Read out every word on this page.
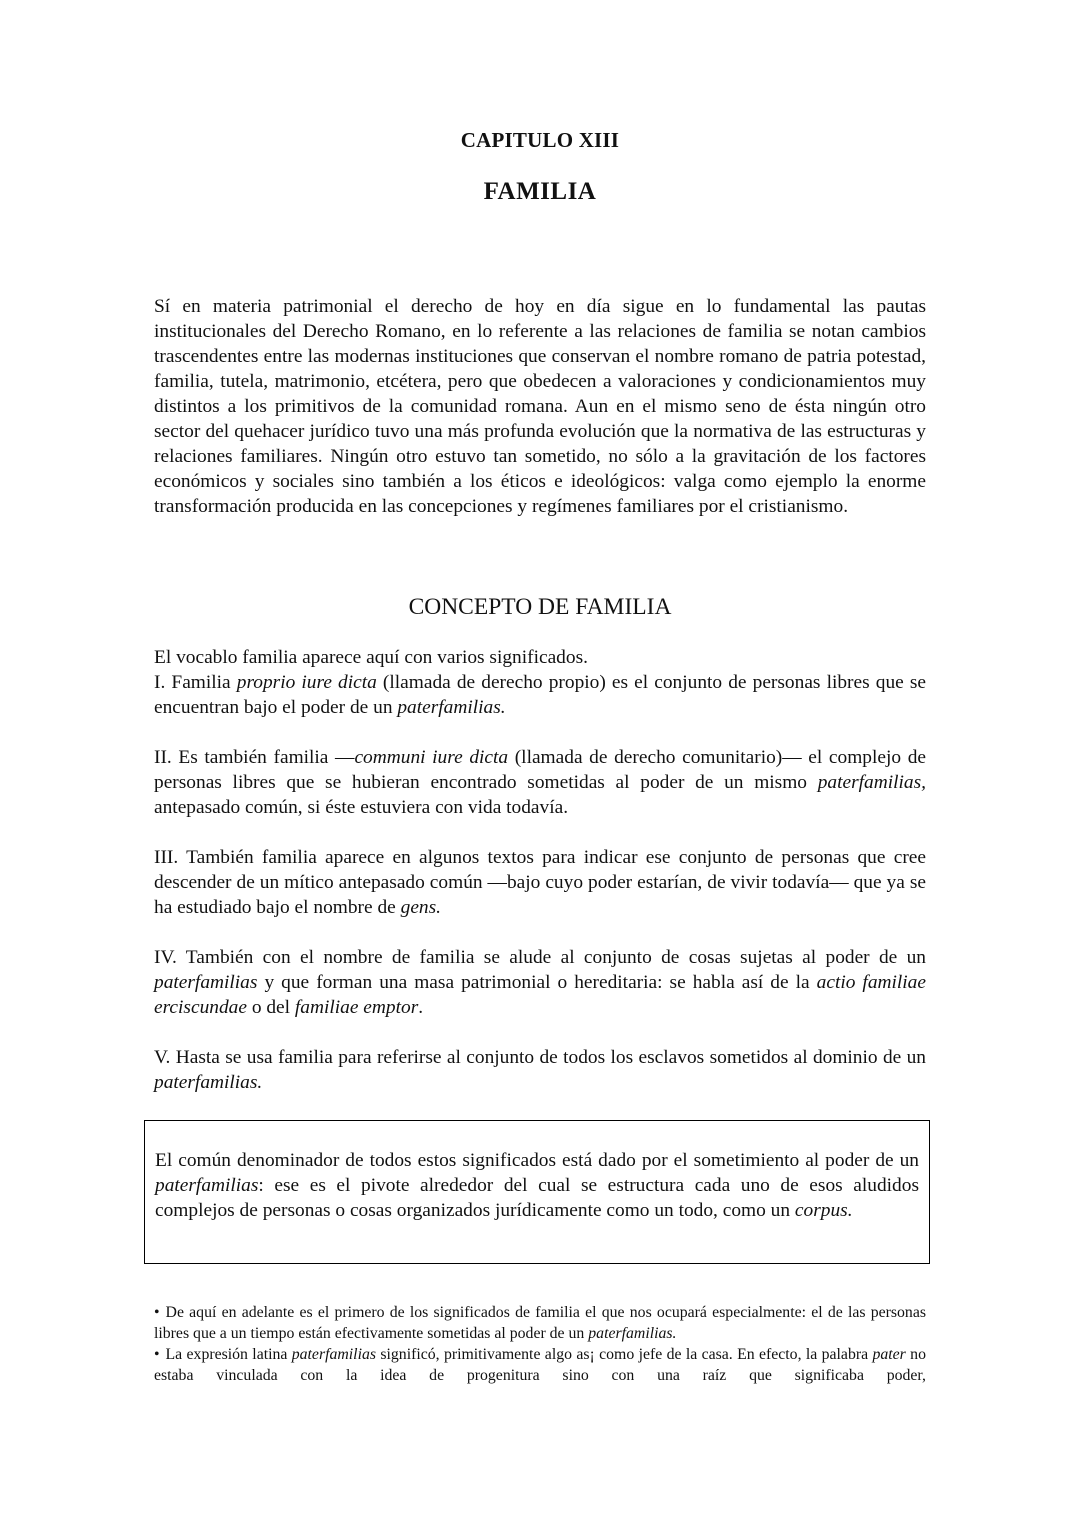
CAPITULO XIII
FAMILIA

Sí en materia patrimonial el derecho de hoy en día sigue en lo fundamental las pautas institucionales del Derecho Romano, en lo referente a las relaciones de familia se notan cambios trascendentes entre las modernas instituciones que conservan el nombre romano de patria potestad, familia, tutela, matrimonio, etcétera, pero que obedecen a valoraciones y condicionamientos muy distintos a los primitivos de la comunidad romana. Aun en el mismo seno de ésta ningún otro sector del quehacer jurídico tuvo una más profunda evolución que la normativa de las estructuras y relaciones familiares. Ningún otro estuvo tan sometido, no sólo a la gravitación de los factores económicos y sociales sino también a los éticos e ideológicos: valga como ejemplo la enorme transformación producida en las concepciones y regímenes familiares por el cristianismo.

CONCEPTO DE FAMILIA

El vocablo familia aparece aquí con varios significados.

I. Familia proprio iure dicta (llamada de derecho propio) es el conjunto de personas libres que se encuentran bajo el poder de un paterfamilias.

II. Es también familia —communi iure dicta (llamada de derecho comunitario)— el complejo de personas libres que se hubieran encontrado sometidas al poder de un mismo paterfamilias, antepasado común, si éste estuviera con vida todavía.

III. También familia aparece en algunos textos para indicar ese conjunto de personas que cree descender de un mítico antepasado común —bajo cuyo poder estarían, de vivir todavía— que ya se ha estudiado bajo el nombre de gens.

IV. También con el nombre de familia se alude al conjunto de cosas sujetas al poder de un paterfamilias y que forman una masa patrimonial o hereditaria: se habla así de la actio familiae erciscundae o del familiae emptor.

V. Hasta se usa familia para referirse al conjunto de todos los esclavos sometidos al dominio de un paterfamilias.

El común denominador de todos estos significados está dado por el sometimiento al poder de un paterfamilias: ese es el pivote alrededor del cual se estructura cada uno de esos aludidos complejos de personas o cosas organizados jurídicamente como un todo, como un corpus.

• De aquí en adelante es el primero de los significados de familia el que nos ocupará especialmente: el de las personas libres que a un tiempo están efectivamente sometidas al poder de un paterfamilias.

• La expresión latina paterfamilias significó, primitivamente algo as¡ como jefe de la casa. En efecto, la palabra pater no estaba vinculada con la idea de progenitura sino con una raíz que significaba poder,
